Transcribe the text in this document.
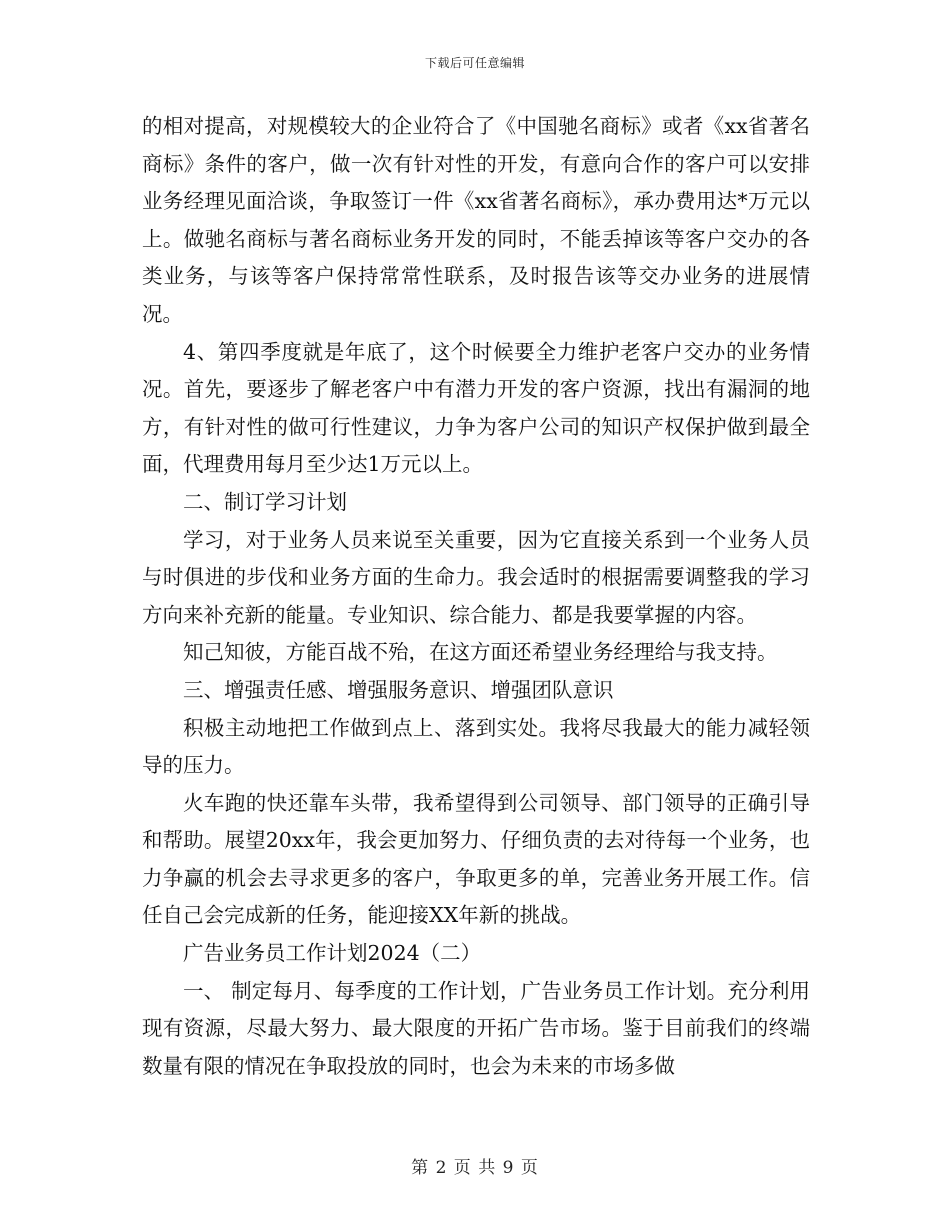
下载后可任意编辑

的相对提高，对规模较大的企业符合了《中国驰名商标》或者《xx省著名商标》条件的客户，做一次有针对性的开发，有意向合作的客户可以安排业务经理见面洽谈，争取签订一件《xx省著名商标》，承办费用达*万元以上。做驰名商标与著名商标业务开发的同时，不能丢掉该等客户交办的各类业务，与该等客户保持常常性联系，及时报告该等交办业务的进展情况。

4、第四季度就是年底了，这个时候要全力维护老客户交办的业务情况。首先，要逐步了解老客户中有潜力开发的客户资源，找出有漏洞的地方，有针对性的做可行性建议，力争为客户公司的知识产权保护做到最全面，代理费用每月至少达1万元以上。

二、制订学习计划

学习，对于业务人员来说至关重要，因为它直接关系到一个业务人员与时俱进的步伐和业务方面的生命力。我会适时的根据需要调整我的学习方向来补充新的能量。专业知识、综合能力、都是我要掌握的内容。

知己知彼，方能百战不殆，在这方面还希望业务经理给与我支持。

三、增强责任感、增强服务意识、增强团队意识

积极主动地把工作做到点上、落到实处。我将尽我最大的能力减轻领导的压力。

火车跑的快还靠车头带，我希望得到公司领导、部门领导的正确引导和帮助。展望20xx年，我会更加努力、仔细负责的去对待每一个业务，也力争赢的机会去寻求更多的客户，争取更多的单，完善业务开展工作。信任自己会完成新的任务，能迎接XX年新的挑战。

广告业务员工作计划2024（二）

一、 制定每月、每季度的工作计划，广告业务员工作计划。充分利用现有资源，尽最大努力、最大限度的开拓广告市场。鉴于目前我们的终端数量有限的情况在争取投放的同时，也会为未来的市场多做

第 2 页 共 9 页
